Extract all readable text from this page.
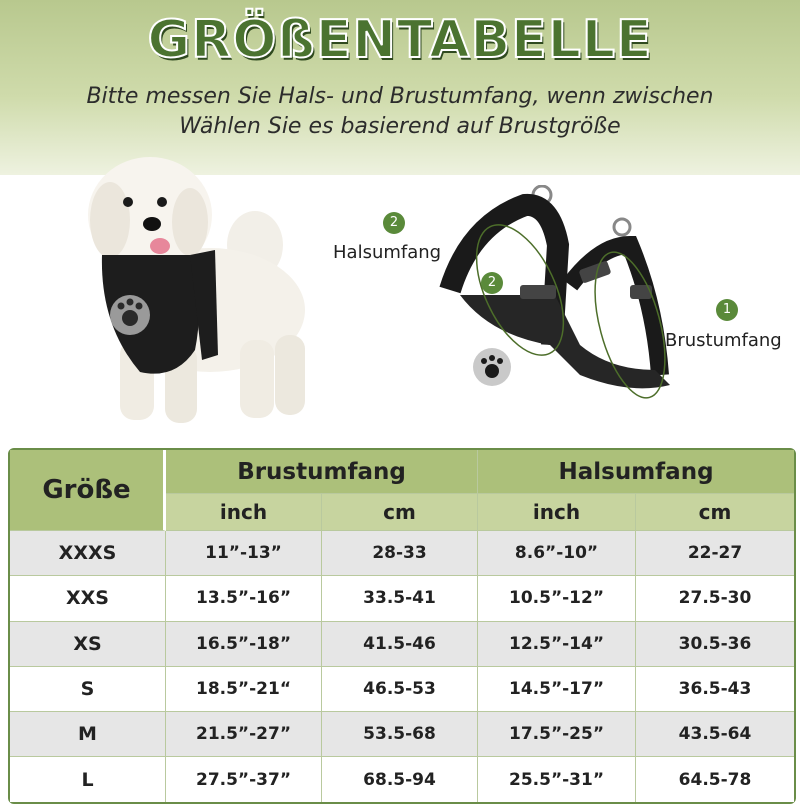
GRÖßENTABELLE
Bitte messen Sie Hals- und Brustumfang, wenn zwischen
Wählen Sie es basierend auf Brustgröße
2
Halsumfang
2
1
Brustumfang
Größe	Brustumfang		Halsumfang	
	inch	cm	inch	cm
XXXS	11”-13”	28-33	8.6”-10”	22-27
XXS	13.5”-16”	33.5-41	10.5”-12”	27.5-30
XS	16.5”-18”	41.5-46	12.5”-14”	30.5-36
S	18.5”-21“	46.5-53	14.5”-17”	36.5-43
M	21.5”-27”	53.5-68	17.5”-25”	43.5-64
L	27.5”-37”	68.5-94	25.5”-31”	64.5-78
